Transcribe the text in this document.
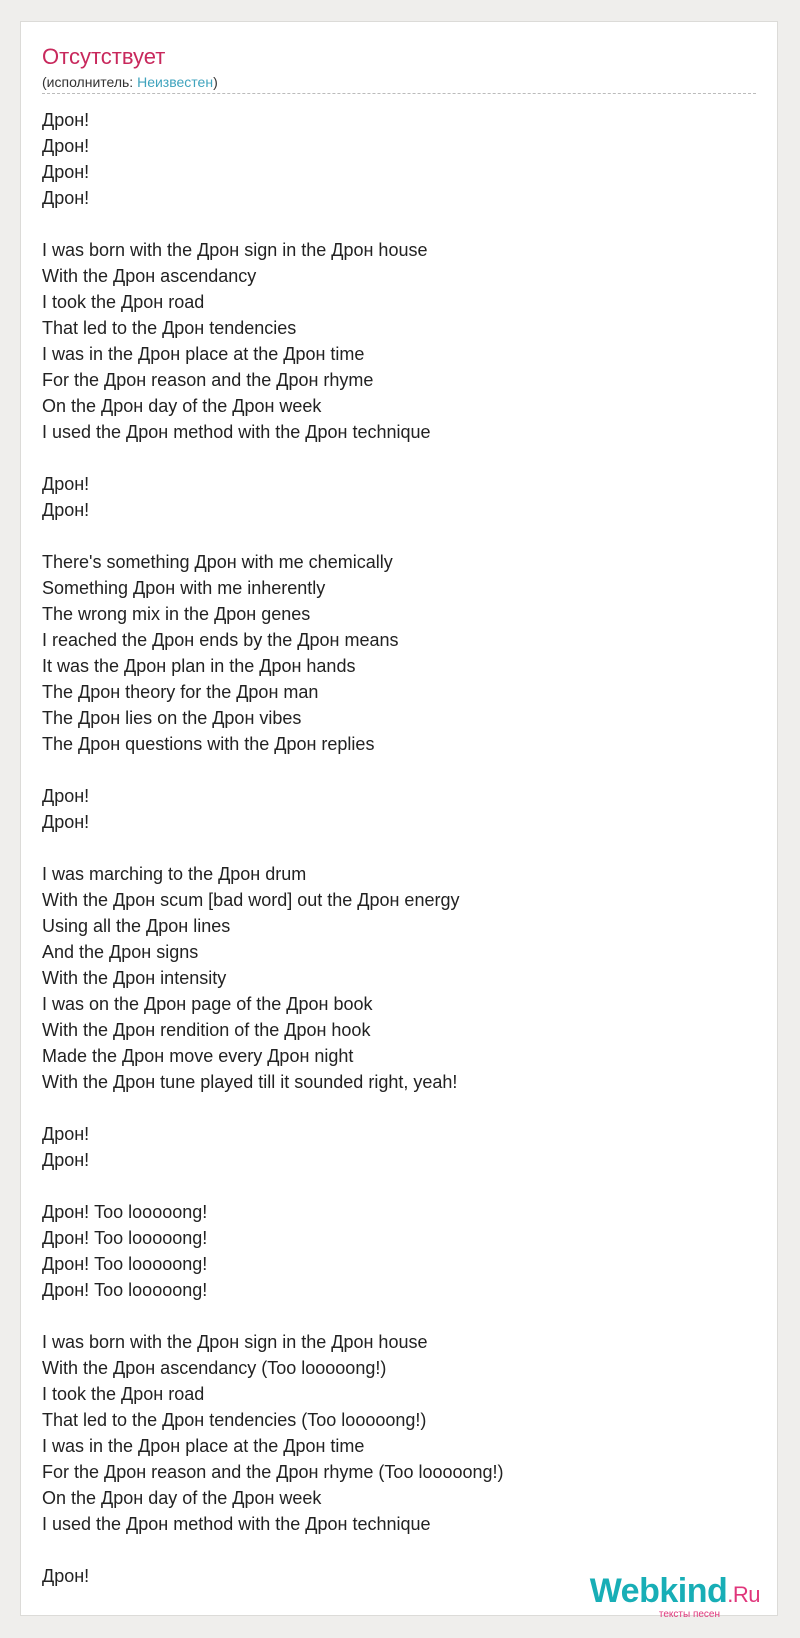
Отсутствует
(исполнитель: Неизвестен)
Дрон!
Дрон!
Дрон!
Дрон!

I was born with the Дрон sign in the Дрон house
With the Дрон ascendancy
I took the Дрон road
That led to the Дрон tendencies
I was in the Дрон place at the Дрон time
For the Дрон reason and the Дрон rhyme
On the Дрон day of the Дрон week
I used the Дрон method with the Дрон technique

Дрон!
Дрон!

There's something Дрон with me chemically
Something Дрон with me inherently
The wrong mix in the Дрон genes
I reached the Дрон ends by the Дрон means
It was the Дрон plan in the Дрон hands
The Дрон theory for the Дрон man
The Дрон lies on the Дрон vibes
The Дрон questions with the Дрон replies

Дрон!
Дрон!

I was marching to the Дрон drum
With the Дрон scum [bad word] out the Дрон energy
Using all the Дрон lines
And the Дрон signs
With the Дрон intensity
I was on the Дрон page of the Дрон book
With the Дрон rendition of the Дрон hook
Made the Дрон move every Дрон night
With the Дрон tune played till it sounded right, yeah!

Дрон!
Дрон!

Дрон! Too looooong!
Дрон! Too looooong!
Дрон! Too looooong!
Дрон! Too looooong!

I was born with the Дрон sign in the Дрон house
With the Дрон ascendancy (Too looooong!)
I took the Дрон road
That led to the Дрон tendencies (Too looooong!)
I was in the Дрон place at the Дрон time
For the Дрон reason and the Дрон rhyme (Too looooong!)
On the Дрон day of the Дрон week
I used the Дрон method with the Дрон technique

Дрон!	Webkind.Ru
тексты песен
